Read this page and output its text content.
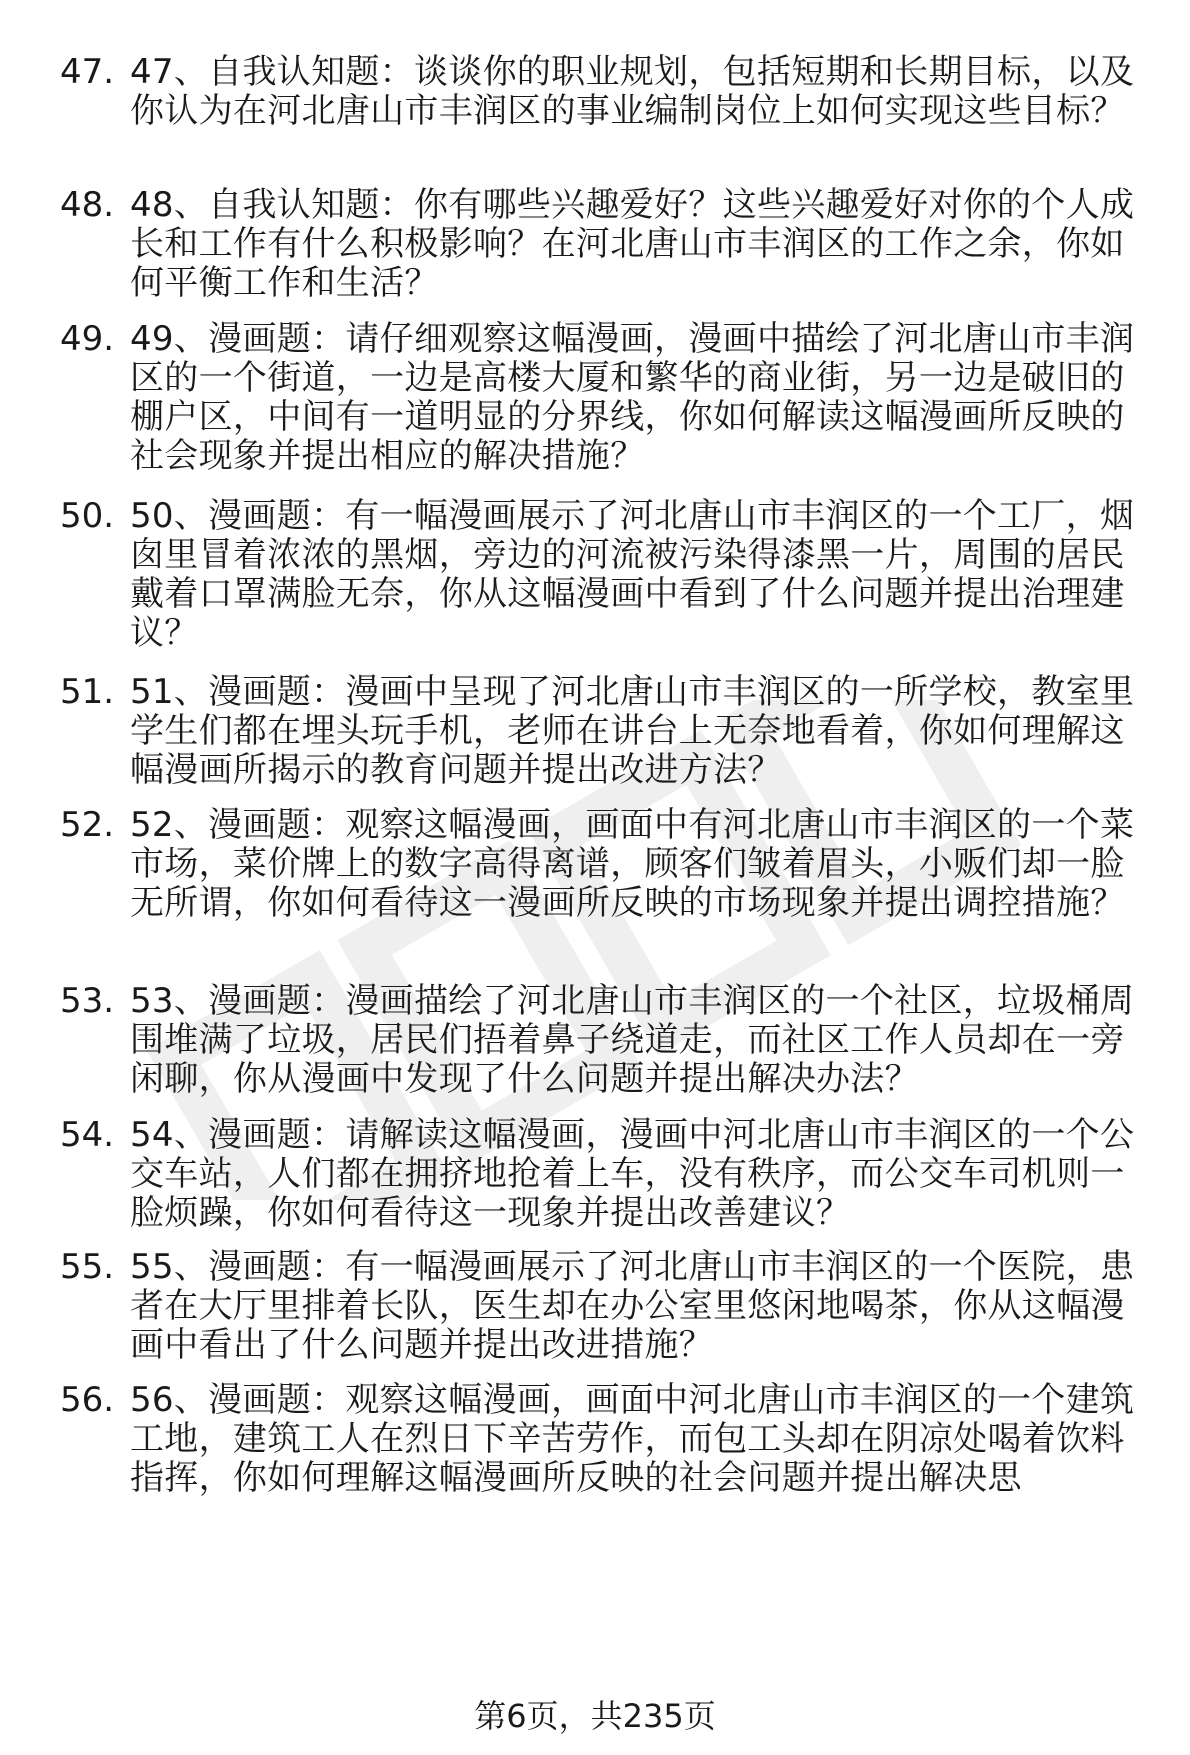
47. 47、自我认知题：谈谈你的职业规划，包括短期和长期目标，以及你认为在河北唐山市丰润区的事业编制岗位上如何实现这些目标？
48. 48、自我认知题：你有哪些兴趣爱好？这些兴趣爱好对你的个人成长和工作有什么积极影响？在河北唐山市丰润区的工作之余，你如何平衡工作和生活？
49. 49、漫画题：请仔细观察这幅漫画，漫画中描绘了河北唐山市丰润区的一个街道，一边是高楼大厦和繁华的商业街，另一边是破旧的棚户区，中间有一道明显的分界线，你如何解读这幅漫画所反映的社会现象并提出相应的解决措施？
50. 50、漫画题：有一幅漫画展示了河北唐山市丰润区的一个工厂，烟囱里冒着浓浓的黑烟，旁边的河流被污染得漆黑一片，周围的居民戴着口罩满脸无奈，你从这幅漫画中看到了什么问题并提出治理建议？
51. 51、漫画题：漫画中呈现了河北唐山市丰润区的一所学校，教室里学生们都在埋头玩手机，老师在讲台上无奈地看着，你如何理解这幅漫画所揭示的教育问题并提出改进方法？
52. 52、漫画题：观察这幅漫画，画面中有河北唐山市丰润区的一个菜市场，菜价牌上的数字高得离谱，顾客们皱着眉头，小贩们却一脸无所谓，你如何看待这一漫画所反映的市场现象并提出调控措施？
53. 53、漫画题：漫画描绘了河北唐山市丰润区的一个社区，垃圾桶周围堆满了垃圾，居民们捂着鼻子绕道走，而社区工作人员却在一旁闲聊，你从漫画中发现了什么问题并提出解决办法？
54. 54、漫画题：请解读这幅漫画，漫画中河北唐山市丰润区的一个公交车站，人们都在拥挤地抢着上车，没有秩序，而公交车司机则一脸烦躁，你如何看待这一现象并提出改善建议？
55. 55、漫画题：有一幅漫画展示了河北唐山市丰润区的一个医院，患者在大厅里排着长队，医生却在办公室里悠闲地喝茶，你从这幅漫画中看出了什么问题并提出改进措施？
56. 56、漫画题：观察这幅漫画，画面中河北唐山市丰润区的一个建筑工地，建筑工人在烈日下辛苦劳作，而包工头却在阴凉处喝着饮料指挥，你如何理解这幅漫画所反映的社会问题并提出解决思
第6页，共235页
